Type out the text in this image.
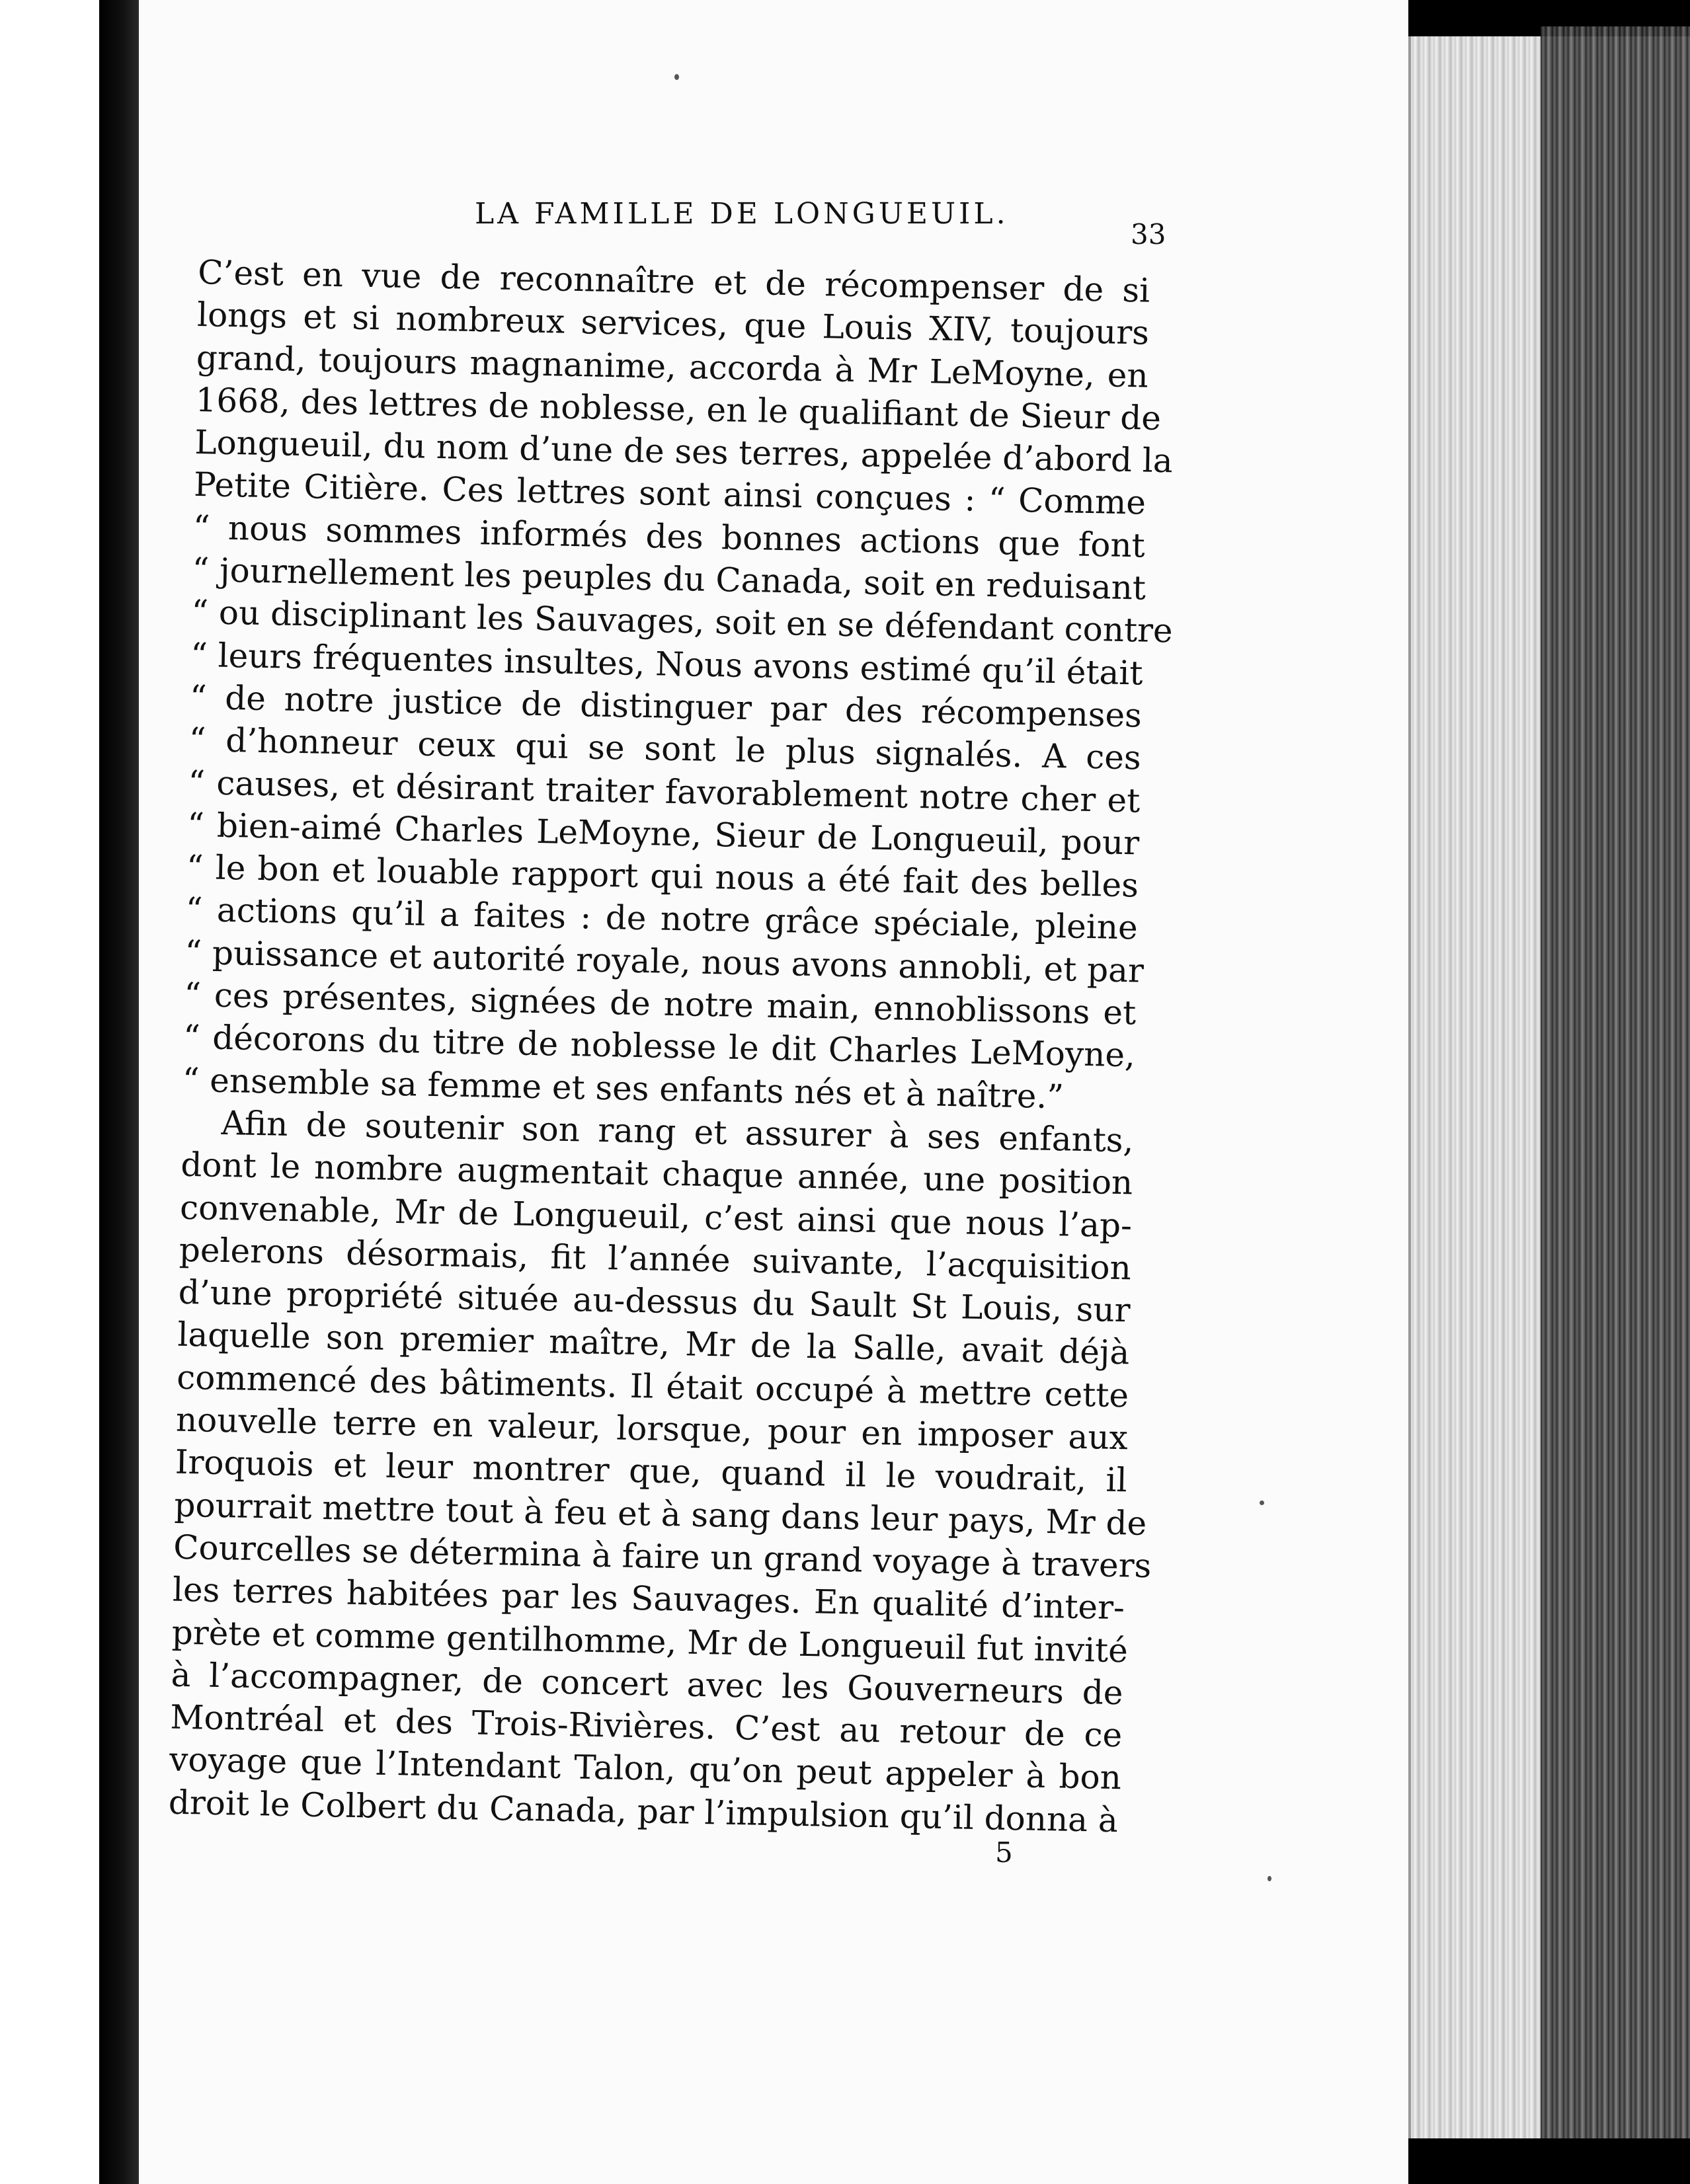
LA FAMILLE DE LONGUEUIL.
33
C’est en vue de reconnaître et de récompenser de si
longs et si nombreux services, que Louis XIV, toujours
grand, toujours magnanime, accorda à Mr LeMoyne, en
1668, des lettres de noblesse, en le qualifiant de Sieur de
Longueuil, du nom d’une de ses terres, appelée d’abord la
Petite Citière. Ces lettres sont ainsi conçues : “ Comme
“ nous sommes informés des bonnes actions que font
“ journellement les peuples du Canada, soit en reduisant
“ ou disciplinant les Sauvages, soit en se défendant contre
“ leurs fréquentes insultes, Nous avons estimé qu’il était
“ de notre justice de distinguer par des récompenses
“ d’honneur ceux qui se sont le plus signalés. A ces
“ causes, et désirant traiter favorablement notre cher et
“ bien-aimé Charles LeMoyne, Sieur de Longueuil, pour
“ le bon et louable rapport qui nous a été fait des belles
“ actions qu’il a faites : de notre grâce spéciale, pleine
“ puissance et autorité royale, nous avons annobli, et par
“ ces présentes, signées de notre main, ennoblissons et
“ décorons du titre de noblesse le dit Charles LeMoyne,
“ ensemble sa femme et ses enfants nés et à naître.”
Afin de soutenir son rang et assurer à ses enfants,
dont le nombre augmentait chaque année, une position
convenable, Mr de Longueuil, c’est ainsi que nous l’ap-
pelerons désormais, fit l’année suivante, l’acquisition
d’une propriété située au-dessus du Sault St Louis, sur
laquelle son premier maître, Mr de la Salle, avait déjà
commencé des bâtiments. Il était occupé à mettre cette
nouvelle terre en valeur, lorsque, pour en imposer aux
Iroquois et leur montrer que, quand il le voudrait, il
pourrait mettre tout à feu et à sang dans leur pays, Mr de
Courcelles se détermina à faire un grand voyage à travers
les terres habitées par les Sauvages. En qualité d’inter-
prète et comme gentilhomme, Mr de Longueuil fut invité
à l’accompagner, de concert avec les Gouverneurs de
Montréal et des Trois-Rivières. C’est au retour de ce
voyage que l’Intendant Talon, qu’on peut appeler à bon
droit le Colbert du Canada, par l’impulsion qu’il donna à
5
